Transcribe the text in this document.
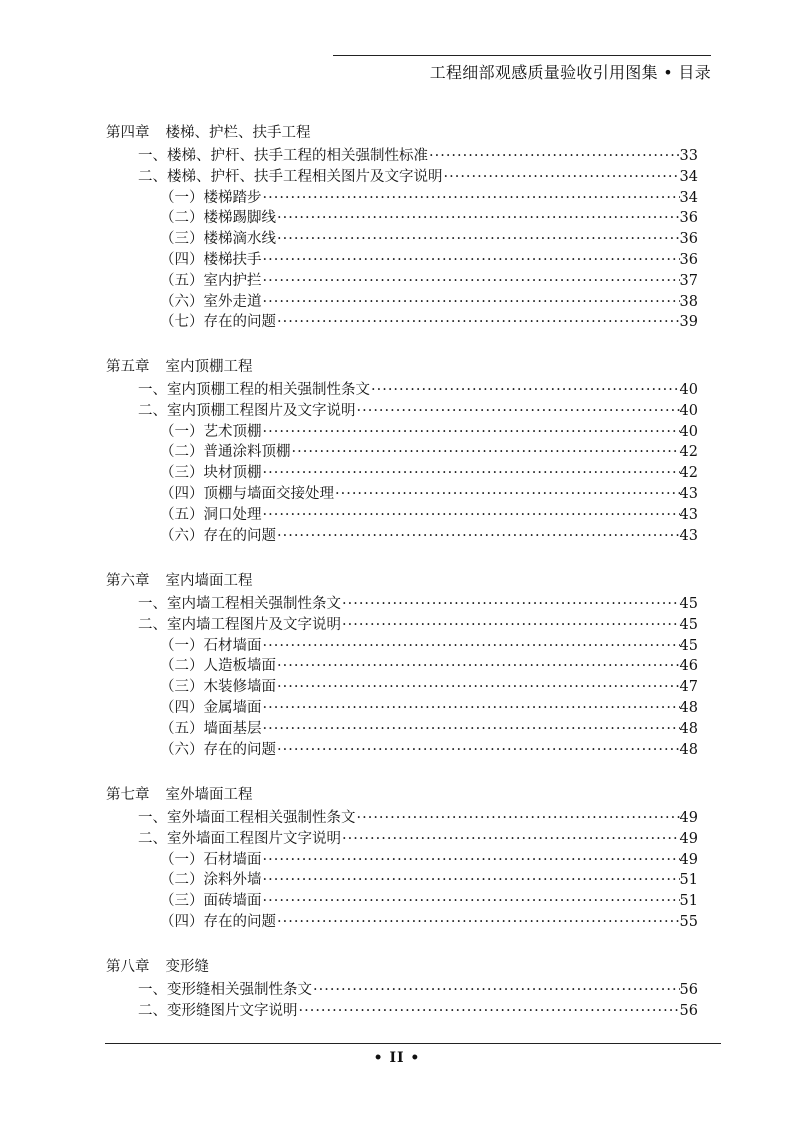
工程细部观感质量验收引用图集 • 目录
第四章 楼梯、护栏、扶手工程
一、楼梯、护杆、扶手工程的相关强制性标准 ·····	33
二、楼梯、护杆、扶手工程相关图片及文字说明 ·····	34
（一）楼梯踏步 ·····	34
（二）楼梯踢脚线 ·····	36
（三）楼梯滴水线 ·····	36
（四）楼梯扶手 ·····	36
（五）室内护拦 ·····	37
（六）室外走道 ·····	38
（七）存在的问题 ·····	39
第五章 室内顶棚工程
一、室内顶棚工程的相关强制性条文 ·····	40
二、室内顶棚工程图片及文字说明 ·····	40
（一）艺术顶棚 ·····	40
（二）普通涂料顶棚 ·····	42
（三）块材顶棚 ·····	42
（四）顶棚与墙面交接处理 ·····	43
（五）洞口处理 ·····	43
（六）存在的问题 ·····	43
第六章 室内墙面工程
一、室内墙工程相关强制性条文 ·····	45
二、室内墙工程图片及文字说明 ·····	45
（一）石材墙面 ·····	45
（二）人造板墙面 ·····	46
（三）木装修墙面 ·····	47
（四）金属墙面 ·····	48
（五）墙面基层 ·····	48
（六）存在的问题 ·····	48
第七章 室外墙面工程
一、室外墙面工程相关强制性条文 ·····	49
二、室外墙面工程图片文字说明 ·····	49
（一）石材墙面 ·····	49
（二）涂料外墙 ·····	51
（三）面砖墙面 ·····	51
（四）存在的问题 ·····	55
第八章 变形缝
一、变形缝相关强制性条文 ·····	56
二、变形缝图片文字说明 ·····	56
• II •
